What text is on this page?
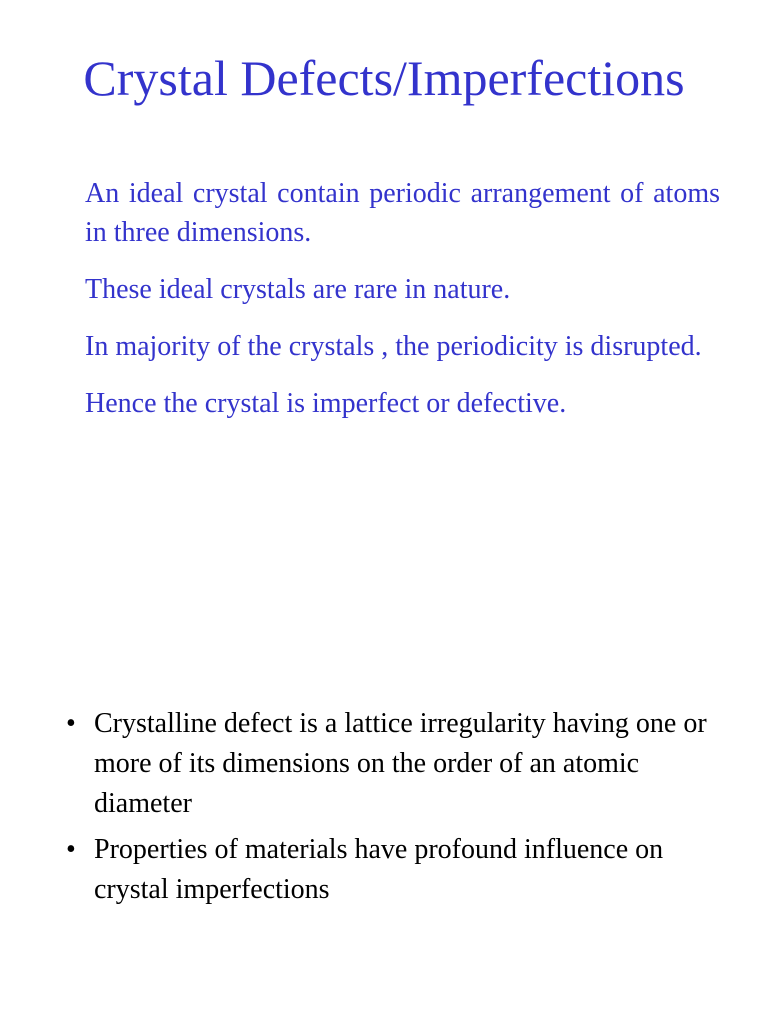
Crystal Defects/Imperfections

An ideal crystal contain periodic arrangement of atoms in three dimensions.

These ideal crystals are rare in nature.

In majority of the crystals , the periodicity is disrupted.

Hence the crystal is imperfect or defective.

• Crystalline defect is a lattice irregularity having one or more of its dimensions on the order of an atomic diameter
• Properties of materials have profound influence on crystal imperfections
